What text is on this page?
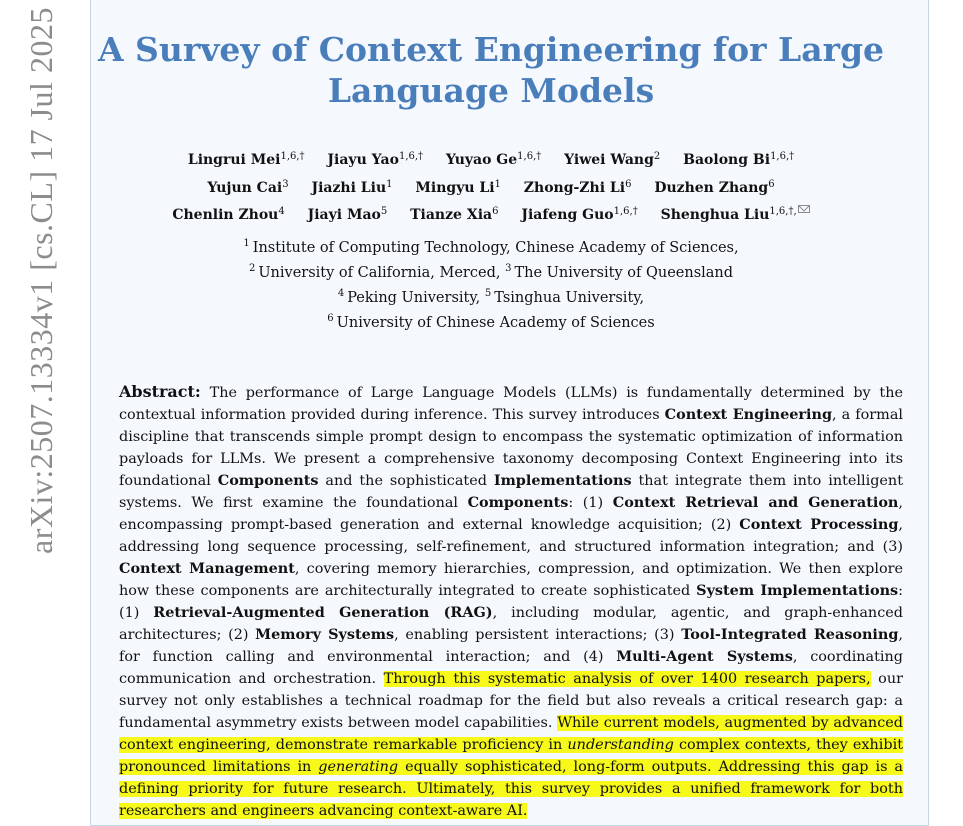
arXiv:2507.13334v1 [cs.CL] 17 Jul 2025 A Survey of Context Engineering for Large Language Models
Lingrui Mei$^{1,6,\dagger}$ Jiayu Yao$^{1,6,\dagger}$ Yuyao $Ge^{1,6,\dagger}$ Yiwei Wang$^2$ Baolong $Bi^{1,6,\dagger}$
Yujun Cai$^3$ Jiazhi Liu$^1$ Mingyu Li$^1$ Zhong-Zhi Li$^6$ Duzhen Zhang$^6$
Chenlin Zhou$^4$ Jiayi Mao$^5$ Tianze Xia$^6$ Jiafeng Guo$^{1,6,\dagger}$ Shenghua Liu$^{1,6,\dagger,}$
$^1$ Institute of Computing Technology, Chinese Academy of Sciences,
$^2$ University of California, Merced, $^3$ The University of Queensland
$^4$ Peking University, $^5$ Tsinghua University,
$^6$ University of Chinese Academy of Sciences
Abstract: The performance of Large Language Models (LLMs) is fundamentally determined by the contextual information provided during inference. This survey introduces Context Engineering, a formal discipline that transcends simple prompt design to encompass the systematic optimization of information payloads for LLMs. We present a comprehensive taxonomy decomposing Context Engineering into its foundational Components and the sophisticated Implementations that integrate them into intelligent systems. We first examine the foundational Components: (1) Context Retrieval and Generation, encompassing prompt-based generation and external knowledge acquisition; (2) Context Processing, addressing long sequence processing, self-refinement, and structured information integration; and (3) Context Management, covering memory hierarchies, compression, and optimization. We then explore how these components are architecturally integrated to create sophisticated System Implementations: (1) Retrieval-Augmented Generation (RAG), including modular, agentic, and graph-enhanced architectures; (2) Memory Systems, enabling persistent interactions; (3) Tool-Integrated Reasoning, for function calling and environmental interaction; and (4) Multi-Agent Systems, coordinating communication and orchestration. Through this systematic analysis of over 1400 research papers, our survey not only establishes a technical roadmap for the field but also reveals a critical research gap: a fundamental asymmetry exists between model capabilities. While current models, augmented by advanced context engineering, demonstrate remarkable proficiency in understanding complex contexts, they exhibit pronounced limitations in generating equally sophisticated, long-form outputs. Addressing this gap is a defining priority for future research. Ultimately, this survey provides a unified framework for both researchers and engineers advancing context-aware AI.
